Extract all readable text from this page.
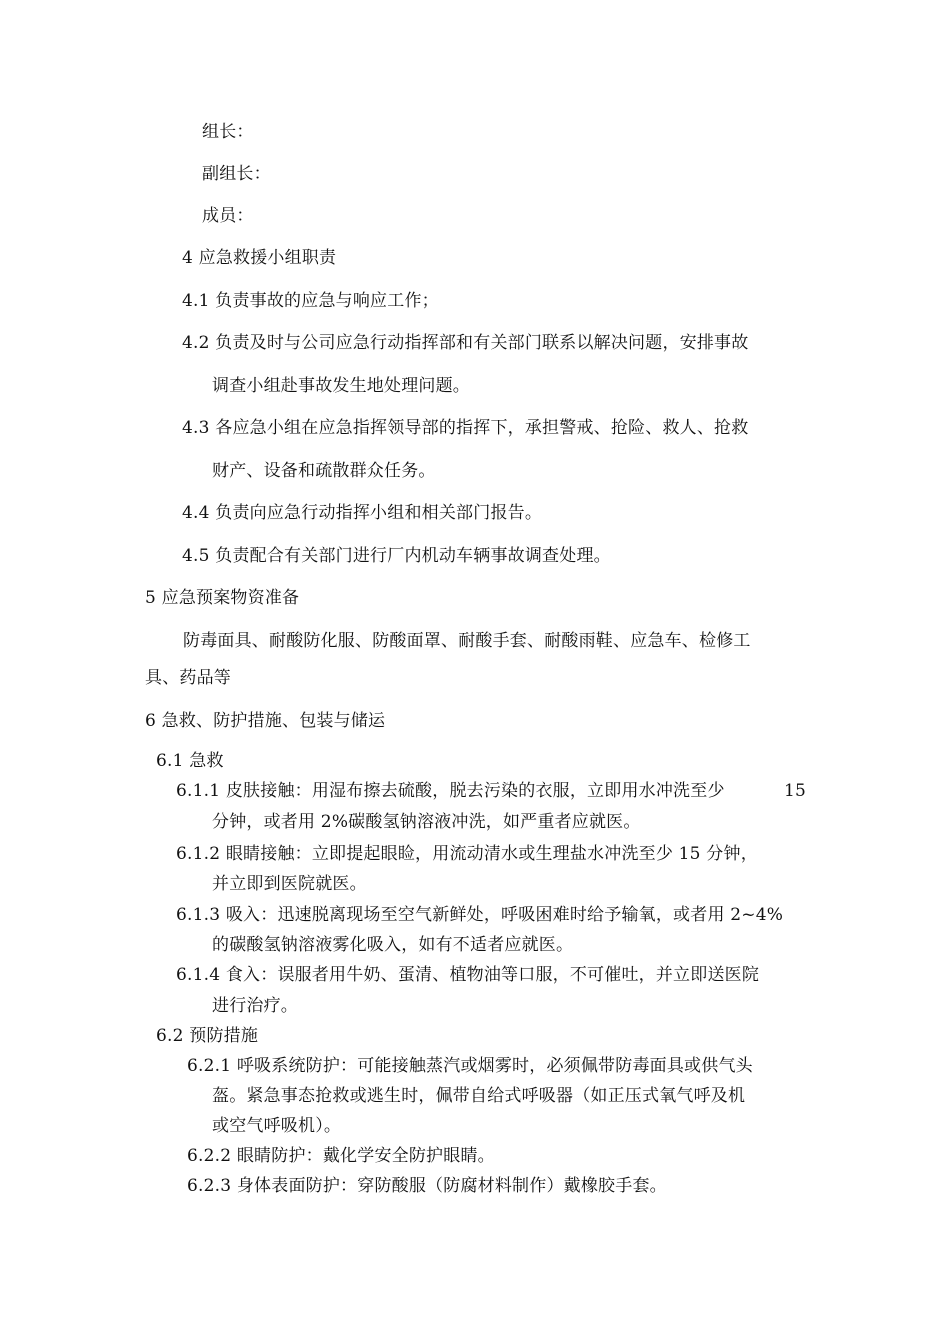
组长：
副组长：
成员：
4 应急救援小组职责
4.1 负责事故的应急与响应工作；
4.2 负责及时与公司应急行动指挥部和有关部门联系以解决问题，安排事故
调查小组赴事故发生地处理问题。
4.3 各应急小组在应急指挥领导部的指挥下，承担警戒、抢险、救人、抢救
财产、设备和疏散群众任务。
4.4 负责向应急行动指挥小组和相关部门报告。
4.5 负责配合有关部门进行厂内机动车辆事故调查处理。
5 应急预案物资准备
防毒面具、耐酸防化服、防酸面罩、耐酸手套、耐酸雨鞋、应急车、检修工
具、药品等
6 急救、防护措施、包装与储运
6.1 急救
6.1.1 皮肤接触：用湿布擦去硫酸，脱去污染的衣服，立即用水冲洗至少	15
分钟，或者用 2%碳酸氢钠溶液冲洗，如严重者应就医。
6.1.2 眼睛接触：立即提起眼睑，用流动清水或生理盐水冲洗至少 15 分钟，
并立即到医院就医。
6.1.3 吸入：迅速脱离现场至空气新鲜处，呼吸困难时给予输氧，或者用 2~4%
的碳酸氢钠溶液雾化吸入，如有不适者应就医。
6.1.4 食入：误服者用牛奶、蛋清、植物油等口服，不可催吐，并立即送医院
进行治疗。
6.2 预防措施
6.2.1 呼吸系统防护：可能接触蒸汽或烟雾时，必须佩带防毒面具或供气头
盔。紧急事态抢救或逃生时，佩带自给式呼吸器（如正压式氧气呼及机
或空气呼吸机）。
6.2.2 眼睛防护：戴化学安全防护眼睛。
6.2.3 身体表面防护：穿防酸服（防腐材料制作）戴橡胶手套。
